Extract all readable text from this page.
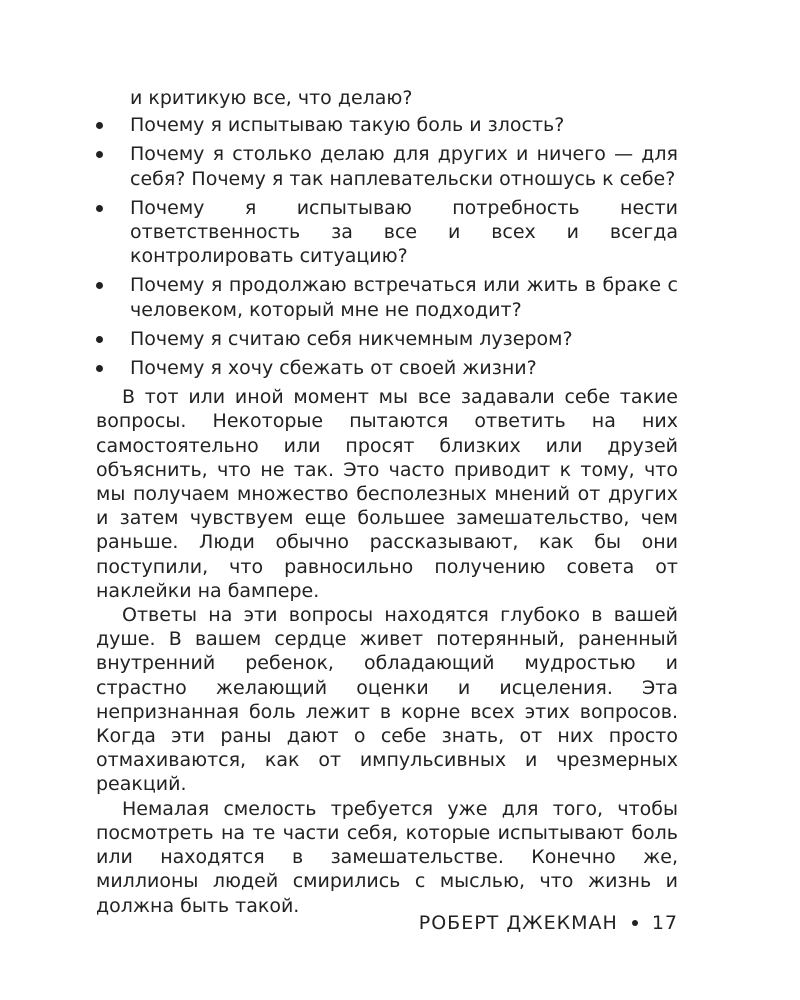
и критикую все, что делаю?
Почему я испытываю такую боль и злость?
Почему я столько делаю для других и ничего — для себя? Почему я так наплевательски отношусь к себе?
Почему я испытываю потребность нести ответственность за все и всех и всегда контролировать ситуацию?
Почему я продолжаю встречаться или жить в браке с человеком, который мне не подходит?
Почему я считаю себя никчемным лузером?
Почему я хочу сбежать от своей жизни?

В тот или иной момент мы все задавали себе такие вопросы. Некоторые пытаются ответить на них самостоятельно или просят близких или друзей объяснить, что не так. Это часто приводит к тому, что мы получаем множество бесполезных мнений от других и затем чувствуем еще большее замешательство, чем раньше. Люди обычно рассказывают, как бы они поступили, что равносильно получению совета от наклейки на бампере.

Ответы на эти вопросы находятся глубоко в вашей душе. В вашем сердце живет потерянный, раненный внутренний ребенок, обладающий мудростью и страстно желающий оценки и исцеления. Эта непризнанная боль лежит в корне всех этих вопросов. Когда эти раны дают о себе знать, от них просто отмахиваются, как от импульсивных и чрезмерных реакций.

Немалая смелость требуется уже для того, чтобы посмотреть на те части себя, которые испытывают боль или находятся в замешательстве. Конечно же, миллионы людей смирились с мыслью, что жизнь и должна быть такой.

РОБЕРТ ДЖЕКМАН 17
